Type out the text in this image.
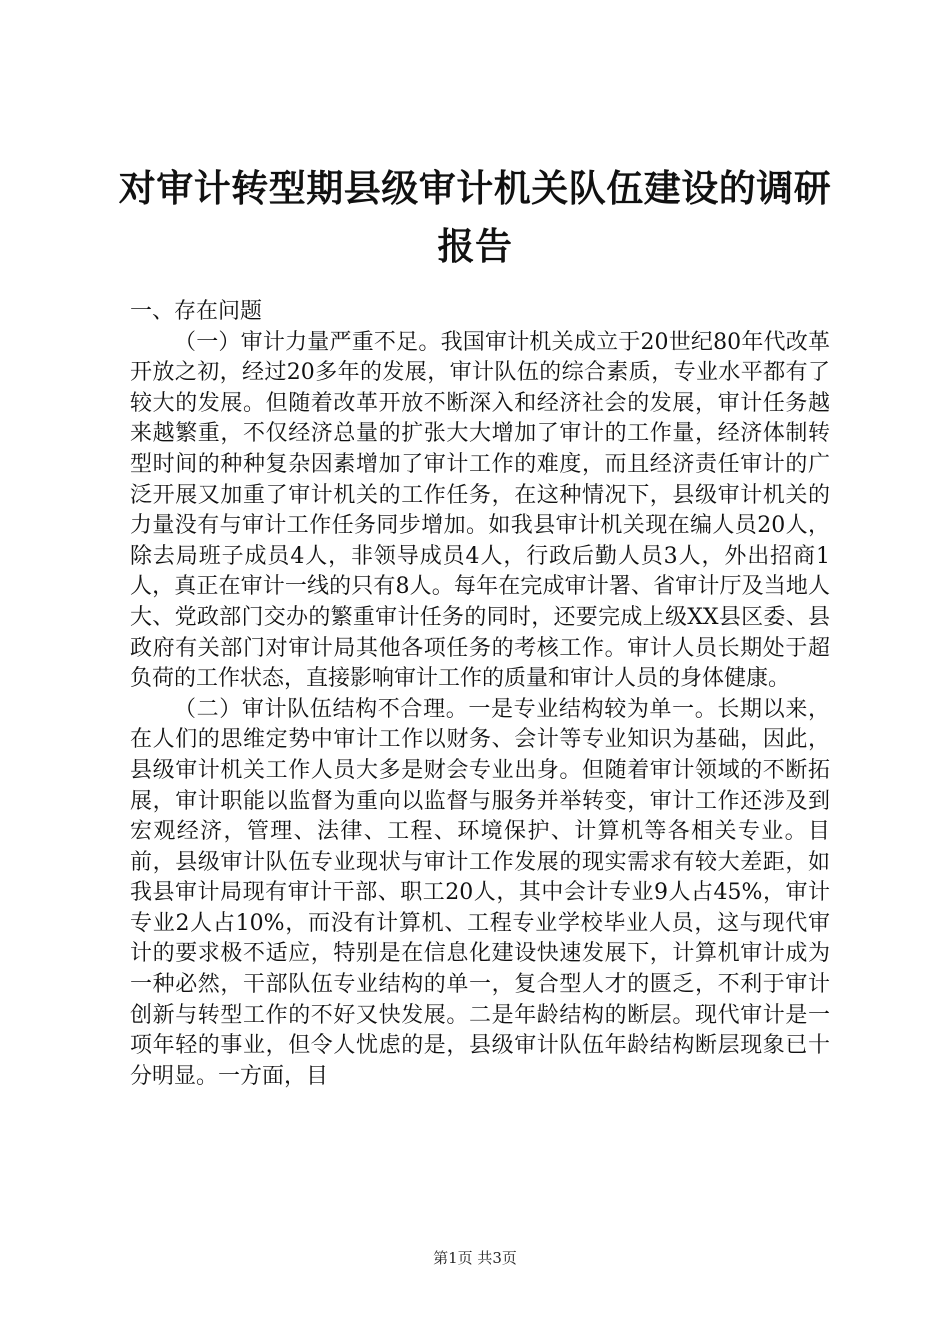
对审计转型期县级审计机关队伍建设的调研报告

一、存在问题

（一）审计力量严重不足。我国审计机关成立于20世纪80年代改革开放之初，经过20多年的发展，审计队伍的综合素质，专业水平都有了较大的发展。但随着改革开放不断深入和经济社会的发展，审计任务越来越繁重，不仅经济总量的扩张大大增加了审计的工作量，经济体制转型时间的种种复杂因素增加了审计工作的难度，而且经济责任审计的广泛开展又加重了审计机关的工作任务，在这种情况下，县级审计机关的力量没有与审计工作任务同步增加。如我县审计机关现在编人员20人，除去局班子成员4人，非领导成员4人，行政后勤人员3人，外出招商1人，真正在审计一线的只有8人。每年在完成审计署、省审计厅及当地人大、党政部门交办的繁重审计任务的同时，还要完成上级XX县区委、县政府有关部门对审计局其他各项任务的考核工作。审计人员长期处于超负荷的工作状态，直接影响审计工作的质量和审计人员的身体健康。

（二）审计队伍结构不合理。一是专业结构较为单一。长期以来，在人们的思维定势中审计工作以财务、会计等专业知识为基础，因此，县级审计机关工作人员大多是财会专业出身。但随着审计领域的不断拓展，审计职能以监督为重向以监督与服务并举转变，审计工作还涉及到宏观经济，管理、法律、工程、环境保护、计算机等各相关专业。目前，县级审计队伍专业现状与审计工作发展的现实需求有较大差距，如我县审计局现有审计干部、职工20人，其中会计专业9人占45%，审计专业2人占10%，而没有计算机、工程专业学校毕业人员，这与现代审计的要求极不适应，特别是在信息化建设快速发展下，计算机审计成为一种必然，干部队伍专业结构的单一，复合型人才的匮乏，不利于审计创新与转型工作的不好又快发展。二是年龄结构的断层。现代审计是一项年轻的事业，但令人忧虑的是，县级审计队伍年龄结构断层现象已十分明显。一方面，目

第1页 共3页
